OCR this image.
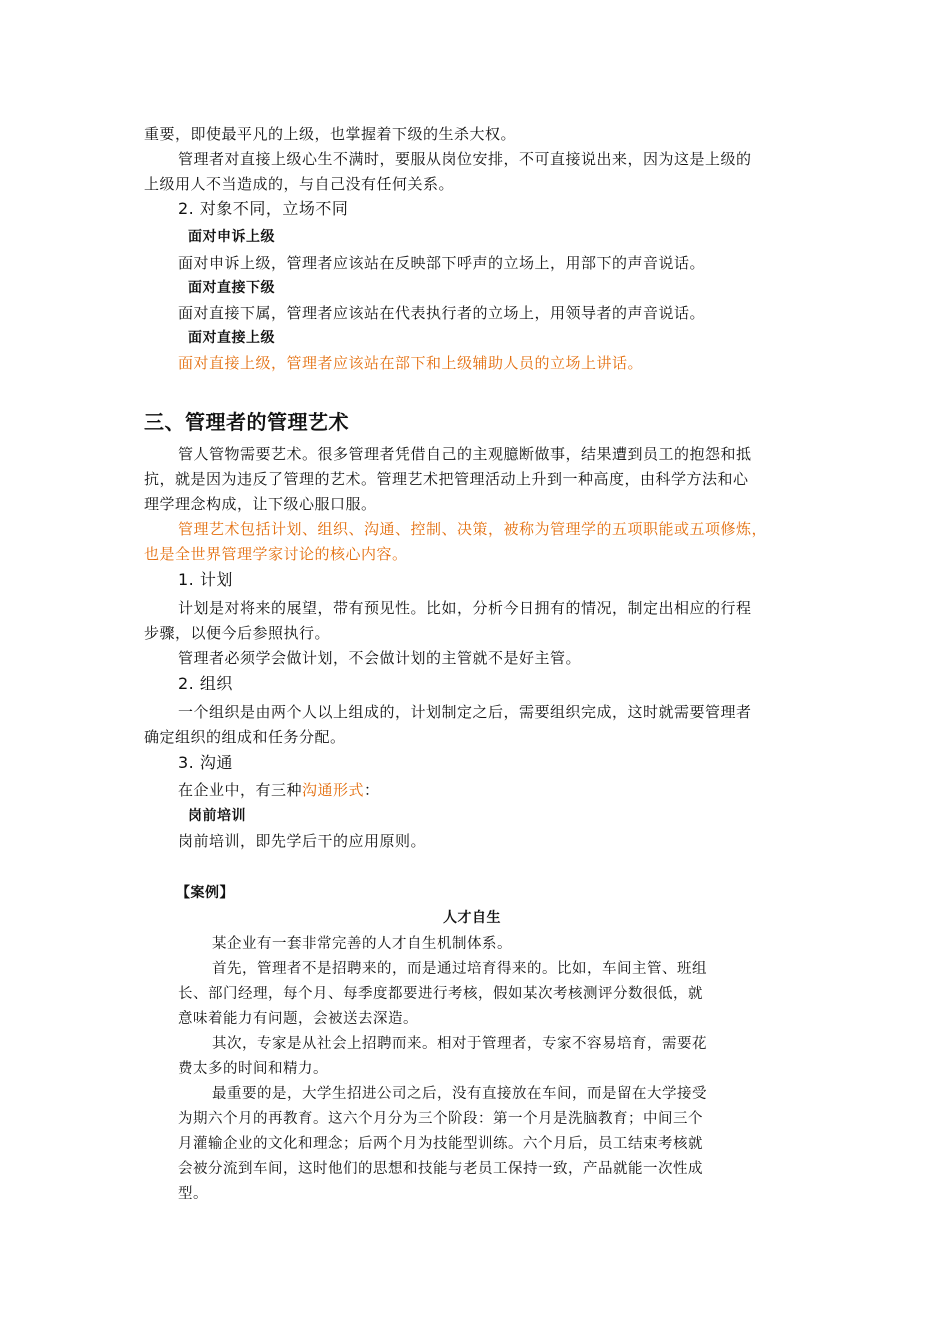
重要，即使最平凡的上级，也掌握着下级的生杀大权。
管理者对直接上级心生不满时，要服从岗位安排，不可直接说出来，因为这是上级的
上级用人不当造成的，与自己没有任何关系。
2. 对象不同，立场不同
面对申诉上级
面对申诉上级，管理者应该站在反映部下呼声的立场上，用部下的声音说话。
面对直接下级
面对直接下属，管理者应该站在代表执行者的立场上，用领导者的声音说话。
面对直接上级
面对直接上级，管理者应该站在部下和上级辅助人员的立场上讲话。
三、管理者的管理艺术
管人管物需要艺术。很多管理者凭借自己的主观臆断做事，结果遭到员工的抱怨和抵
抗，就是因为违反了管理的艺术。管理艺术把管理活动上升到一种高度，由科学方法和心
理学理念构成，让下级心服口服。
管理艺术包括计划、组织、沟通、控制、决策，被称为管理学的五项职能或五项修炼，
也是全世界管理学家讨论的核心内容。
1. 计划
计划是对将来的展望，带有预见性。比如，分析今日拥有的情况，制定出相应的行程
步骤，以便今后参照执行。
管理者必须学会做计划，不会做计划的主管就不是好主管。
2. 组织
一个组织是由两个人以上组成的，计划制定之后，需要组织完成，这时就需要管理者
确定组织的组成和任务分配。
3. 沟通
在企业中，有三种沟通形式：
岗前培训
岗前培训，即先学后干的应用原则。
【案例】
人才自生
某企业有一套非常完善的人才自生机制体系。
首先，管理者不是招聘来的，而是通过培育得来的。比如，车间主管、班组
长、部门经理，每个月、每季度都要进行考核，假如某次考核测评分数很低，就
意味着能力有问题，会被送去深造。
其次，专家是从社会上招聘而来。相对于管理者，专家不容易培育，需要花
费太多的时间和精力。
最重要的是，大学生招进公司之后，没有直接放在车间，而是留在大学接受
为期六个月的再教育。这六个月分为三个阶段：第一个月是洗脑教育；中间三个
月灌输企业的文化和理念；后两个月为技能型训练。六个月后，员工结束考核就
会被分流到车间，这时他们的思想和技能与老员工保持一致，产品就能一次性成
型。
